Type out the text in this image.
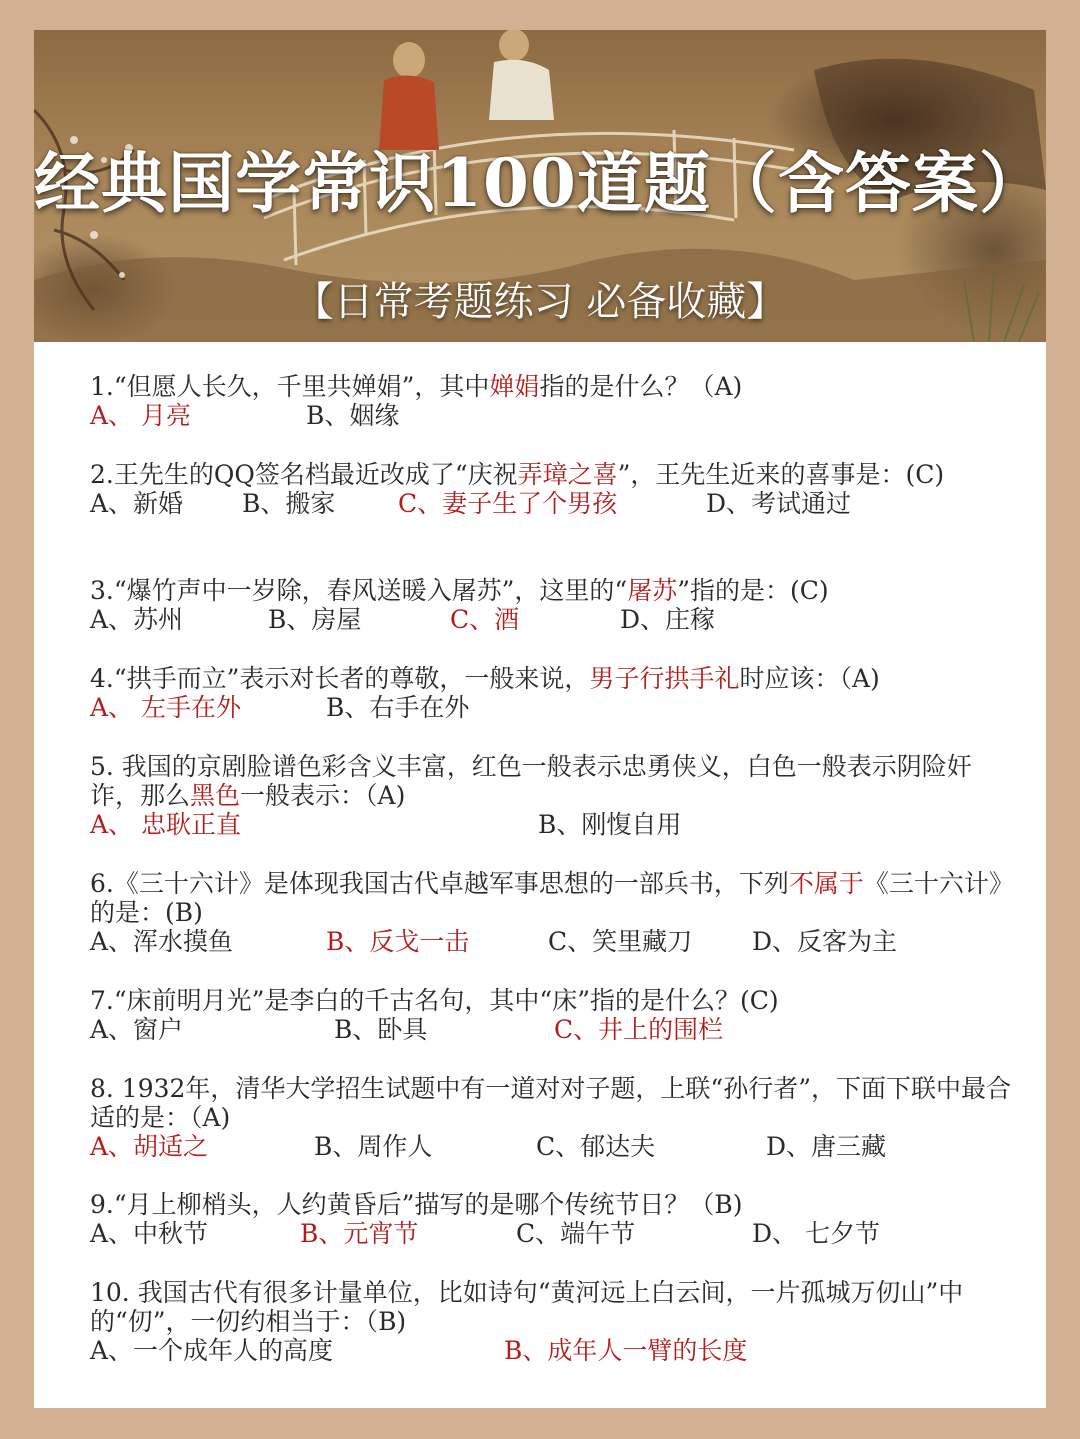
经典国学常识100道题（含答案）
【日常考题练习 必备收藏】
1.“但愿人长久，千里共婵娟”，其中婵娟指的是什么？（A)
A、 月亮	B、姻缘
2.王先生的QQ签名档最近改成了“庆祝弄璋之喜”，王先生近来的喜事是：(C)
A、新婚 B、搬家	C、妻子生了个男孩	D、考试通过
3.“爆竹声中一岁除，春风送暖入屠苏”，这里的“屠苏”指的是：(C)
A、苏州	B、房屋	C、酒	D、庄稼
4.“拱手而立”表示对长者的尊敬，一般来说，男子行拱手礼时应该：（A)
A、 左手在外	B、右手在外
5. 我国的京剧脸谱色彩含义丰富，红色一般表示忠勇侠义，白色一般表示阴险奸诈，那么黑色一般表示：（A)
A、 忠耿正直	B、刚愎自用
6.《三十六计》是体现我国古代卓越军事思想的一部兵书，下列不属于《三十六计》的是：(B)
A、浑水摸鱼	B、反戈一击	C、笑里藏刀 D、反客为主
7.“床前明月光”是李白的千古名句，其中“床”指的是什么？(C)
A、窗户	B、卧具	C、井上的围栏
8. 1932年，清华大学招生试题中有一道对对子题，上联“孙行者”，下面下联中最合适的是：（A)
A、胡适之	B、周作人	C、郁达夫	D、唐三藏
9.“月上柳梢头，人约黄昏后”描写的是哪个传统节日？（B)
A、中秋节	B、元宵节	C、端午节	D、 七夕节
10. 我国古代有很多计量单位，比如诗句“黄河远上白云间，一片孤城万仞山”中的“仞”，一仞约相当于：（B)
A、一个成年人的高度	B、成年人一臂的长度
